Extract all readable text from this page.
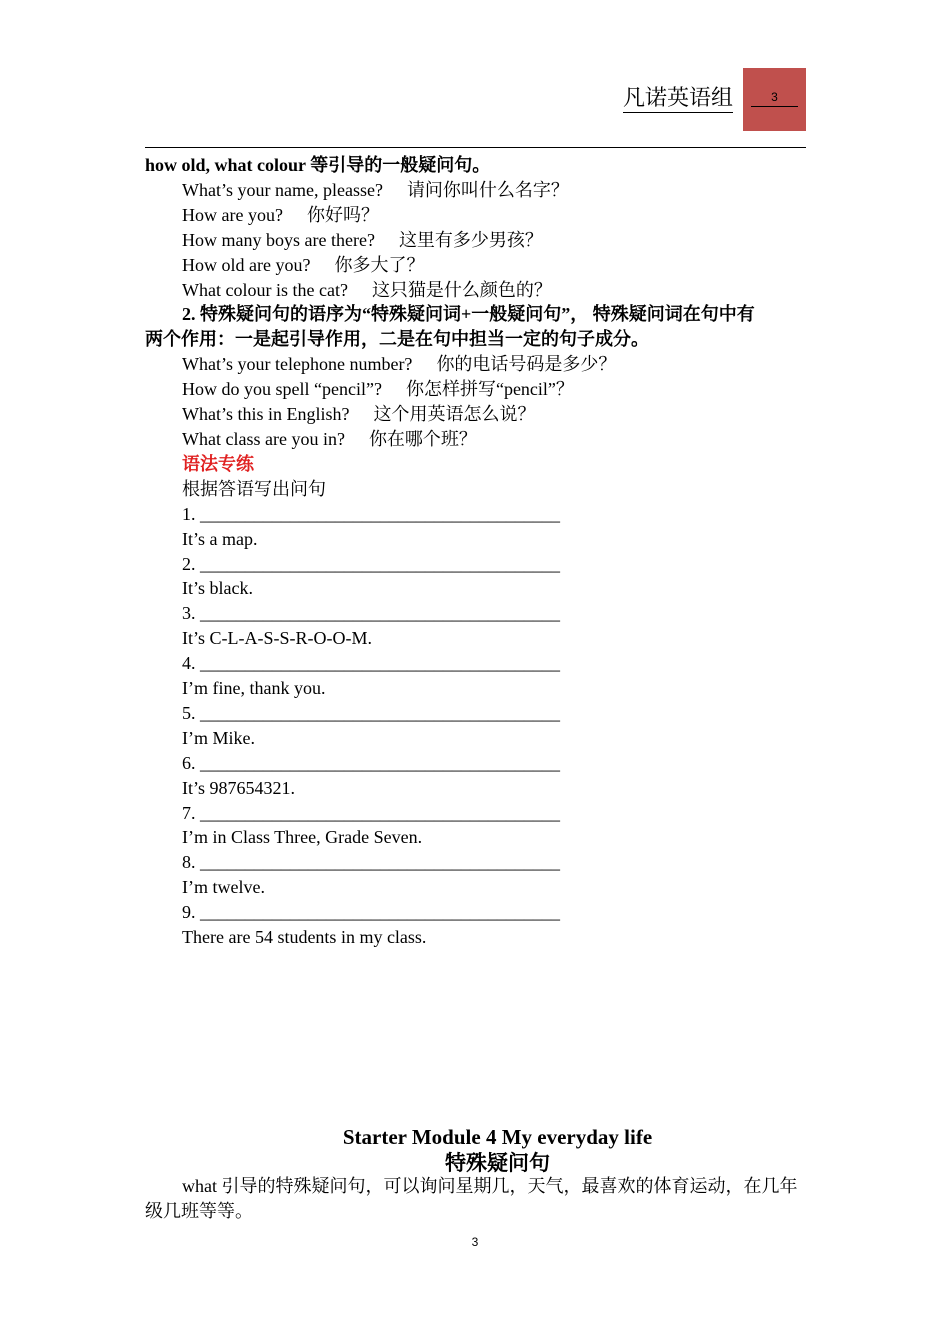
凡诺英语组	3
how old, what colour 等引导的一般疑问句。
What’s your name, pleasse? 请问你叫什么名字？
How are you? 你好吗？
How many boys are there? 这里有多少男孩？
How old are you? 你多大了？
What colour is the cat? 这只猫是什么颜色的？
2. 特殊疑问句的语序为“特殊疑问词+一般疑问句”， 特殊疑问词在句中有
两个作用：一是起引导作用，二是在句中担当一定的句子成分。
What’s your telephone number? 你的电话号码是多少？
How do you spell “pencil”? 你怎样拼写“pencil”？
What’s this in English? 这个用英语怎么说？
What class are you in? 你在哪个班？
语法专练
根据答语写出问句
1. ________________________________________
It’s a map.
2. ________________________________________
It’s black.
3. ________________________________________
It’s C-L-A-S-S-R-O-O-M.
4. ________________________________________
I’m fine, thank you.
5. ________________________________________
I’m Mike.
6. ________________________________________
It’s 987654321.
7. ________________________________________
I’m in Class Three, Grade Seven.
8. ________________________________________
I’m twelve.
9. ________________________________________
There are 54 students in my class.
Starter Module 4 My everyday life
特殊疑问句
what 引导的特殊疑问句，可以询问星期几，天气，最喜欢的体育运动，在几年
级几班等等。
3
